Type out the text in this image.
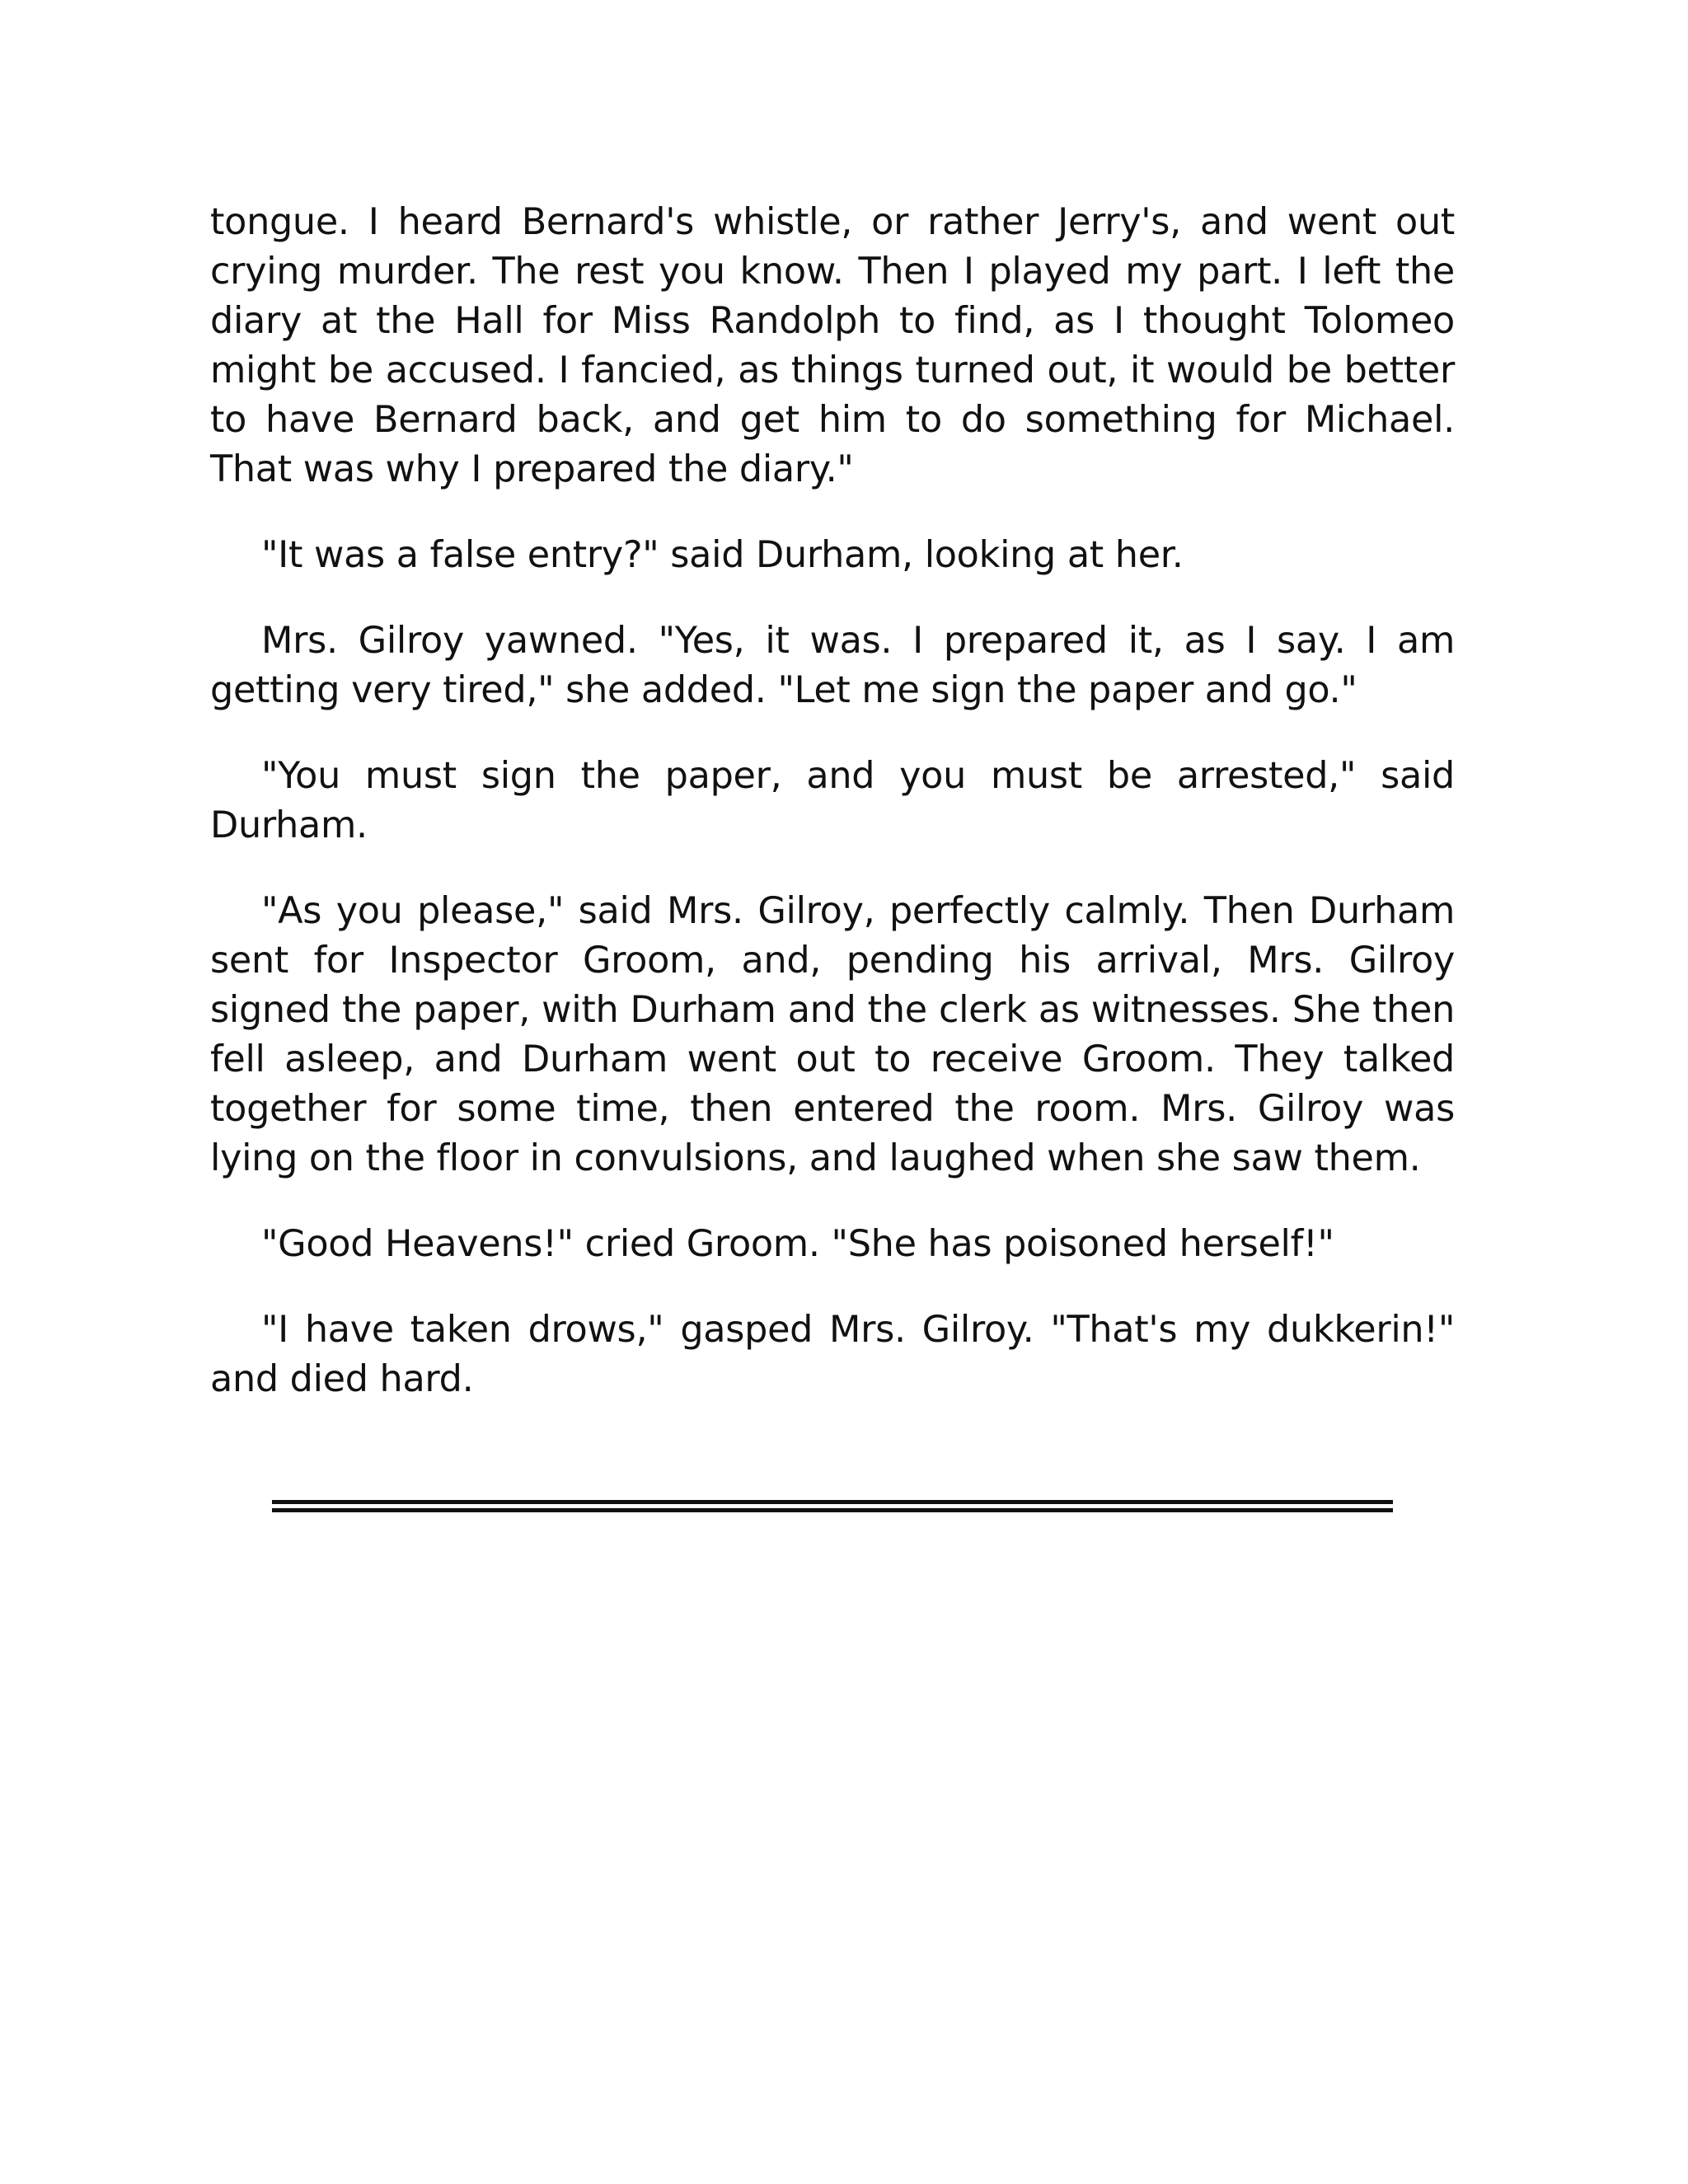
tongue. I heard Bernard's whistle, or rather Jerry's, and went out crying murder. The rest you know. Then I played my part. I left the diary at the Hall for Miss Randolph to find, as I thought Tolomeo might be accused. I fancied, as things turned out, it would be better to have Bernard back, and get him to do something for Michael. That was why I prepared the diary."

"It was a false entry?" said Durham, looking at her.

Mrs. Gilroy yawned. "Yes, it was. I prepared it, as I say. I am getting very tired," she added. "Let me sign the paper and go."

"You must sign the paper, and you must be arrested," said Durham.

"As you please," said Mrs. Gilroy, perfectly calmly. Then Durham sent for Inspector Groom, and, pending his arrival, Mrs. Gilroy signed the paper, with Durham and the clerk as witnesses. She then fell asleep, and Durham went out to receive Groom. They talked together for some time, then entered the room. Mrs. Gilroy was lying on the floor in convulsions, and laughed when she saw them.

"Good Heavens!" cried Groom. "She has poisoned herself!"

"I have taken drows," gasped Mrs. Gilroy. "That's my dukkerin!" and died hard.
